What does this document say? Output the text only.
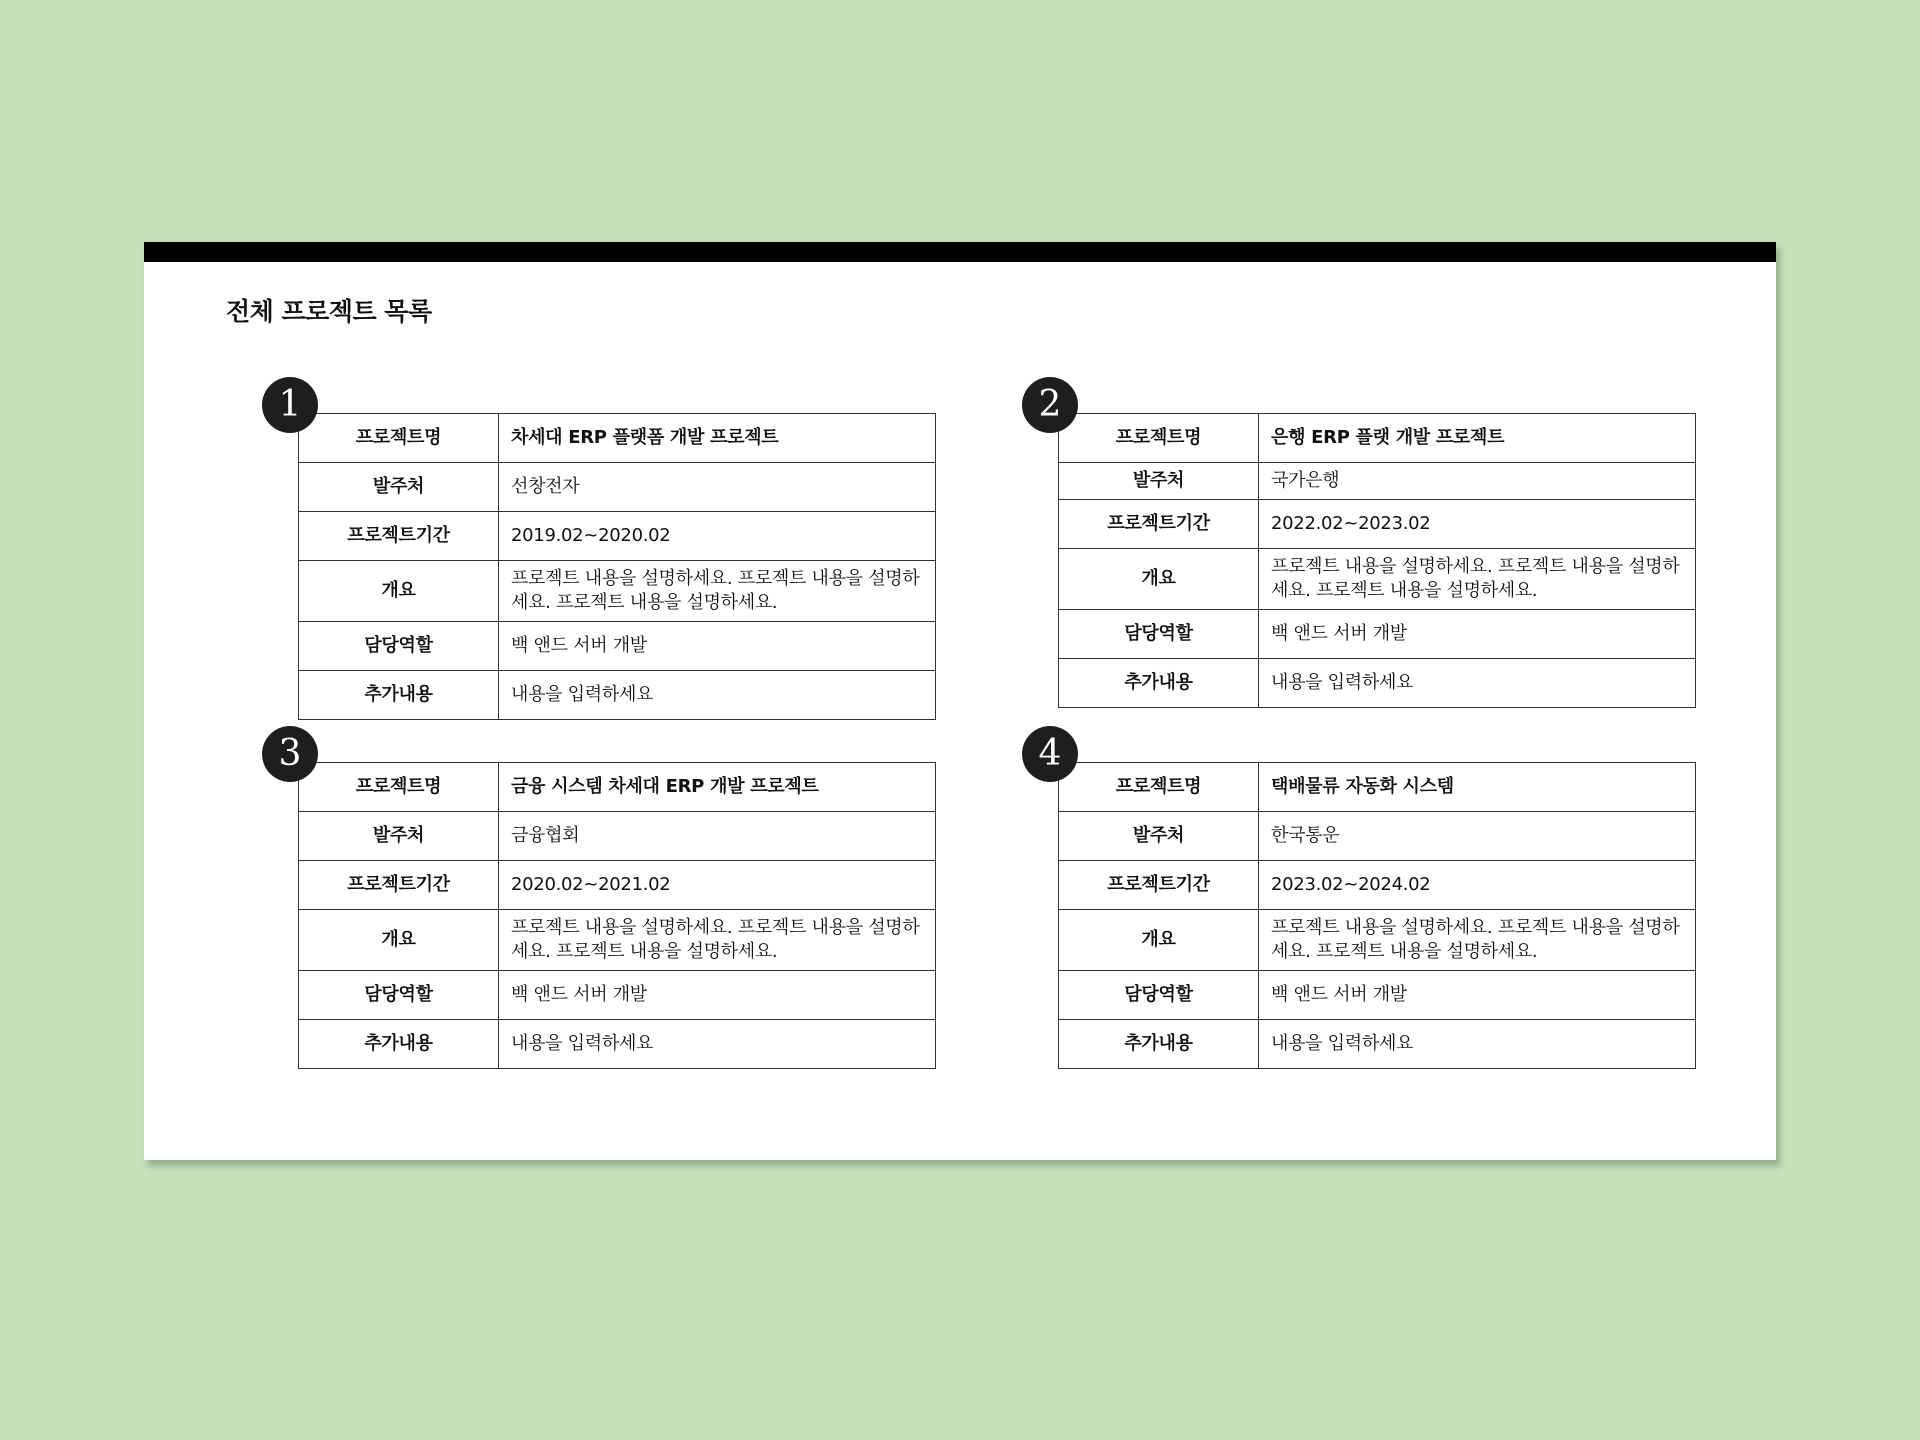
전체 프로젝트 목록
1
프로젝트명	차세대 ERP 플랫폼 개발 프로젝트
발주처	선창전자
프로젝트기간	2019.02~2020.02
개요	프로젝트 내용을 설명하세요. 프로젝트 내용을 설명하세요. 프로젝트 내용을 설명하세요.
담당역할	백 앤드 서버 개발
추가내용	내용을 입력하세요
2
프로젝트명	은행 ERP 플랫 개발 프로젝트
발주처	국가은행
프로젝트기간	2022.02~2023.02
개요	프로젝트 내용을 설명하세요. 프로젝트 내용을 설명하세요. 프로젝트 내용을 설명하세요.
담당역할	백 앤드 서버 개발
추가내용	내용을 입력하세요
3
프로젝트명	금융 시스템 차세대 ERP 개발 프로젝트
발주처	금융협회
프로젝트기간	2020.02~2021.02
개요	프로젝트 내용을 설명하세요. 프로젝트 내용을 설명하세요. 프로젝트 내용을 설명하세요.
담당역할	백 앤드 서버 개발
추가내용	내용을 입력하세요
4
프로젝트명	택배물류 자동화 시스템
발주처	한국통운
프로젝트기간	2023.02~2024.02
개요	프로젝트 내용을 설명하세요. 프로젝트 내용을 설명하세요. 프로젝트 내용을 설명하세요.
담당역할	백 앤드 서버 개발
추가내용	내용을 입력하세요
